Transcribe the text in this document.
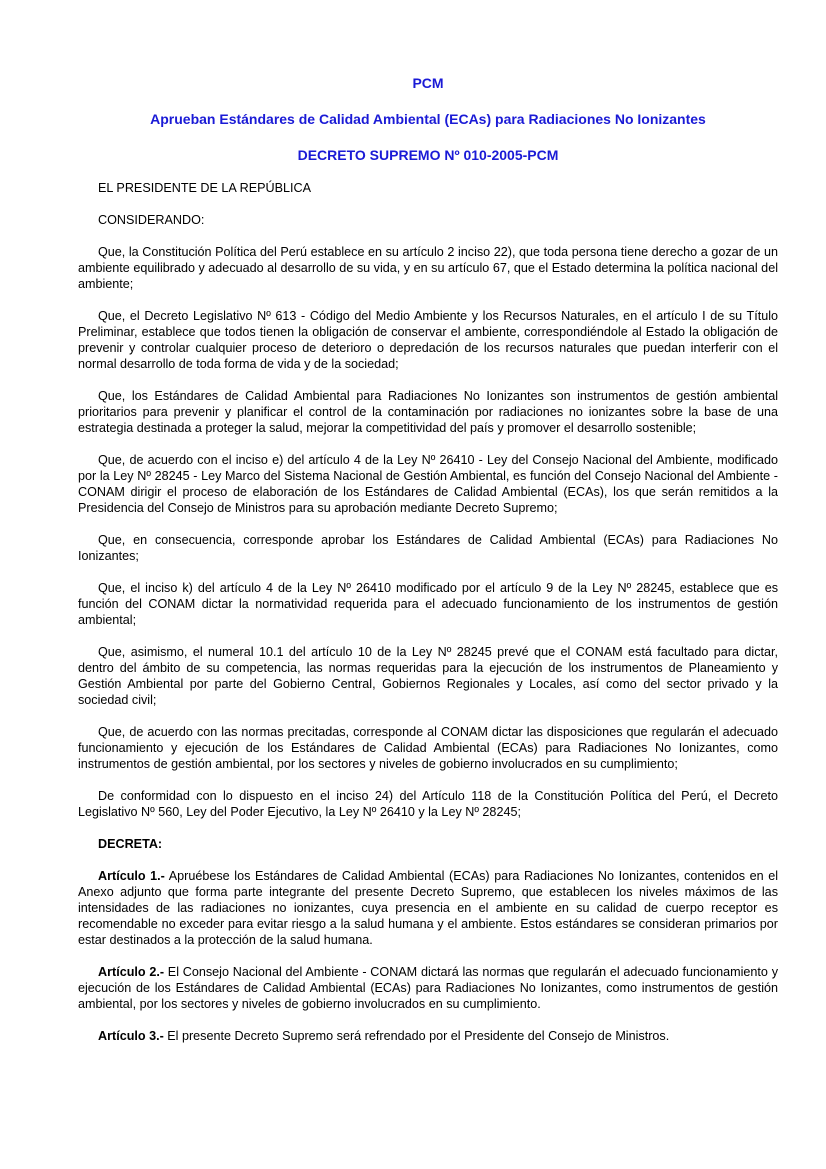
PCM
Aprueban Estándares de Calidad Ambiental (ECAs) para Radiaciones No Ionizantes
DECRETO SUPREMO Nº 010-2005-PCM

EL PRESIDENTE DE LA REPÚBLICA

CONSIDERANDO:

Que, la Constitución Política del Perú establece en su artículo 2 inciso 22), que toda persona tiene derecho a gozar de un ambiente equilibrado y adecuado al desarrollo de su vida, y en su artículo 67, que el Estado determina la política nacional del ambiente;

Que, el Decreto Legislativo Nº 613 - Código del Medio Ambiente y los Recursos Naturales, en el artículo I de su Título Preliminar, establece que todos tienen la obligación de conservar el ambiente, correspondiéndole al Estado la obligación de prevenir y controlar cualquier proceso de deterioro o depredación de los recursos naturales que puedan interferir con el normal desarrollo de toda forma de vida y de la sociedad;

Que, los Estándares de Calidad Ambiental para Radiaciones No Ionizantes son instrumentos de gestión ambiental prioritarios para prevenir y planificar el control de la contaminación por radiaciones no ionizantes sobre la base de una estrategia destinada a proteger la salud, mejorar la competitividad del país y promover el desarrollo sostenible;

Que, de acuerdo con el inciso e) del artículo 4 de la Ley Nº 26410 - Ley del Consejo Nacional del Ambiente, modificado por la Ley Nº 28245 - Ley Marco del Sistema Nacional de Gestión Ambiental, es función del Consejo Nacional del Ambiente - CONAM dirigir el proceso de elaboración de los Estándares de Calidad Ambiental (ECAs), los que serán remitidos a la Presidencia del Consejo de Ministros para su aprobación mediante Decreto Supremo;

Que, en consecuencia, corresponde aprobar los Estándares de Calidad Ambiental (ECAs) para Radiaciones No Ionizantes;

Que, el inciso k) del artículo 4 de la Ley Nº 26410 modificado por el artículo 9 de la Ley Nº 28245, establece que es función del CONAM dictar la normatividad requerida para el adecuado funcionamiento de los instrumentos de gestión ambiental;

Que, asimismo, el numeral 10.1 del artículo 10 de la Ley Nº 28245 prevé que el CONAM está facultado para dictar, dentro del ámbito de su competencia, las normas requeridas para la ejecución de los instrumentos de Planeamiento y Gestión Ambiental por parte del Gobierno Central, Gobiernos Regionales y Locales, así como del sector privado y la sociedad civil;

Que, de acuerdo con las normas precitadas, corresponde al CONAM dictar las disposiciones que regularán el adecuado funcionamiento y ejecución de los Estándares de Calidad Ambiental (ECAs) para Radiaciones No Ionizantes, como instrumentos de gestión ambiental, por los sectores y niveles de gobierno involucrados en su cumplimiento;

De conformidad con lo dispuesto en el inciso 24) del Artículo 118 de la Constitución Política del Perú, el Decreto Legislativo Nº 560, Ley del Poder Ejecutivo, la Ley Nº 26410 y la Ley Nº 28245;

DECRETA:

Artículo 1.- Apruébese los Estándares de Calidad Ambiental (ECAs) para Radiaciones No Ionizantes, contenidos en el Anexo adjunto que forma parte integrante del presente Decreto Supremo, que establecen los niveles máximos de las intensidades de las radiaciones no ionizantes, cuya presencia en el ambiente en su calidad de cuerpo receptor es recomendable no exceder para evitar riesgo a la salud humana y el ambiente. Estos estándares se consideran primarios por estar destinados a la protección de la salud humana.

Artículo 2.- El Consejo Nacional del Ambiente - CONAM dictará las normas que regularán el adecuado funcionamiento y ejecución de los Estándares de Calidad Ambiental (ECAs) para Radiaciones No Ionizantes, como instrumentos de gestión ambiental, por los sectores y niveles de gobierno involucrados en su cumplimiento.

Artículo 3.- El presente Decreto Supremo será refrendado por el Presidente del Consejo de Ministros.
